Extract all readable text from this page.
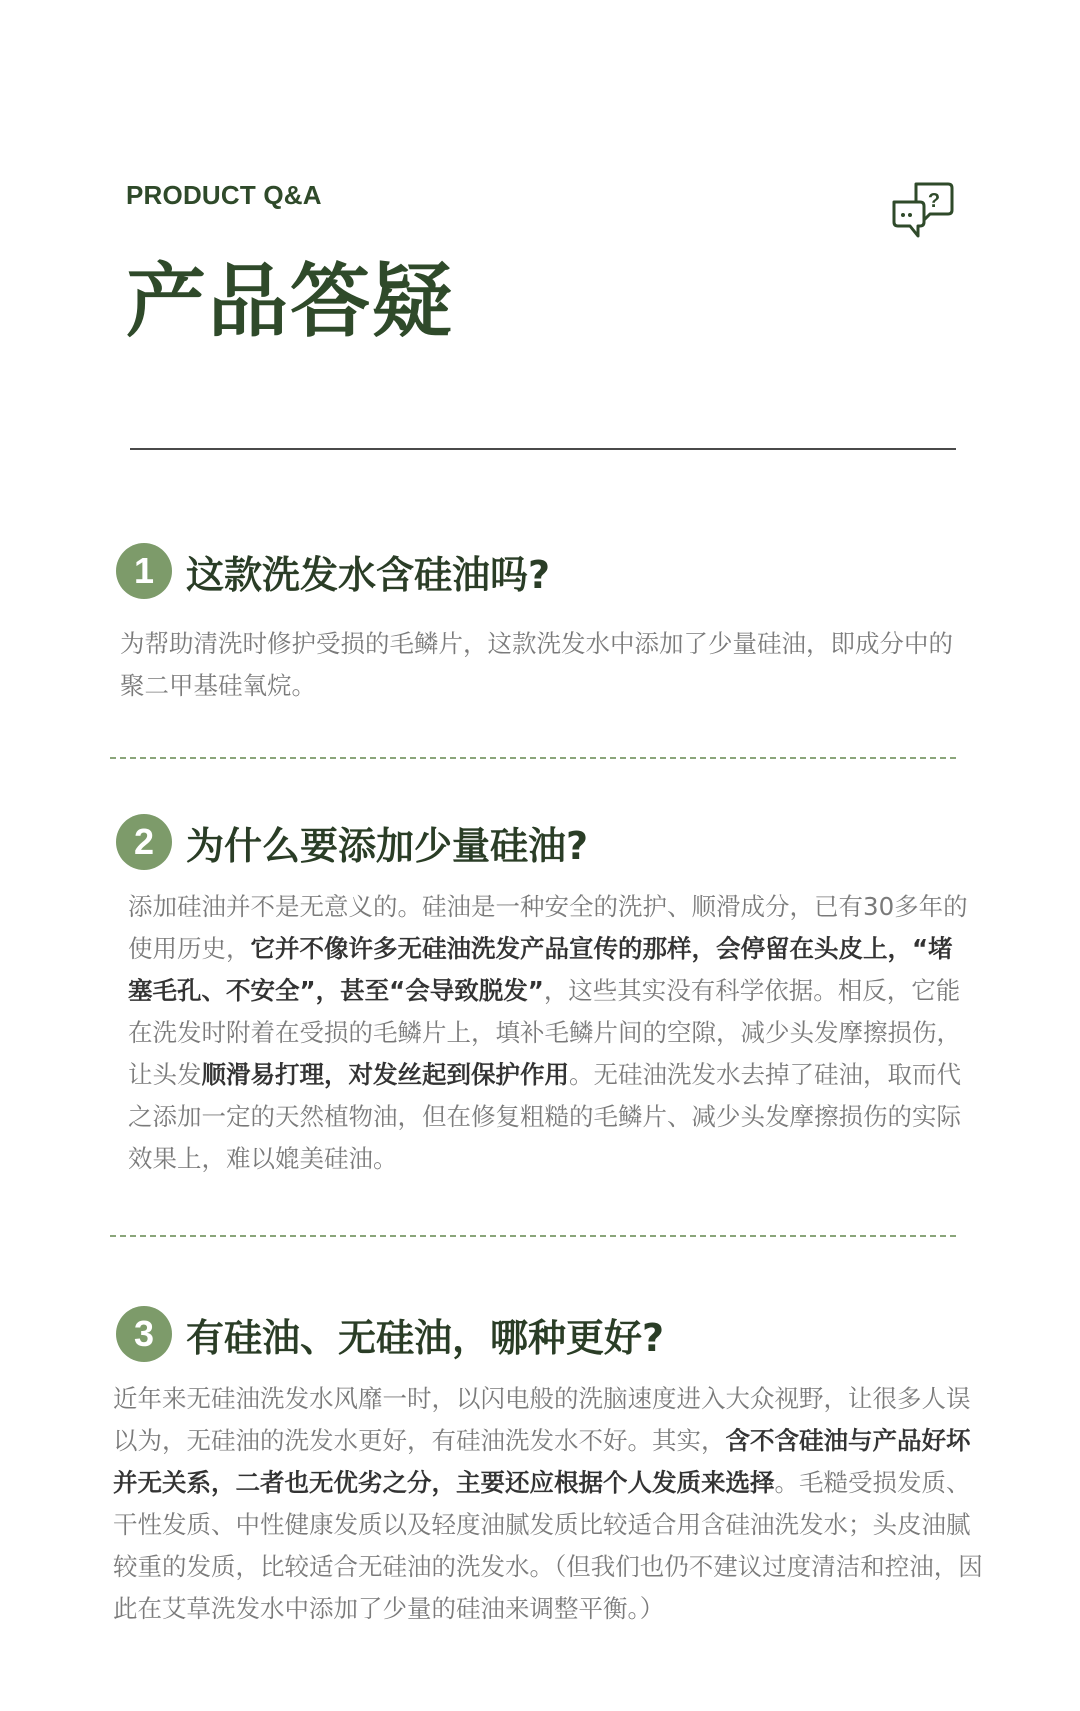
PRODUCT Q&A	?
产品答疑
1 这款洗发水含硅油吗?
为帮助清洗时修护受损的毛鳞片，这款洗发水中添加了少量硅油，即成分中的聚二甲基硅氧烷。
2 为什么要添加少量硅油?
添加硅油并不是无意义的。硅油是一种安全的洗护、顺滑成分，已有30多年的使用历史，它并不像许多无硅油洗发产品宣传的那样，会停留在头皮上，“堵塞毛孔、不安全”，甚至“会导致脱发”，这些其实没有科学依据。相反，它能在洗发时附着在受损的毛鳞片上，填补毛鳞片间的空隙，减少头发摩擦损伤，让头发顺滑易打理，对发丝起到保护作用。无硅油洗发水去掉了硅油，取而代之添加一定的天然植物油，但在修复粗糙的毛鳞片、减少头发摩擦损伤的实际效果上，难以媲美硅油。
3 有硅油、无硅油，哪种更好?
近年来无硅油洗发水风靡一时，以闪电般的洗脑速度进入大众视野，让很多人误以为，无硅油的洗发水更好，有硅油洗发水不好。其实，含不含硅油与产品好坏并无关系，二者也无优劣之分，主要还应根据个人发质来选择。毛糙受损发质、干性发质、中性健康发质以及轻度油腻发质比较适合用含硅油洗发水；头皮油腻较重的发质，比较适合无硅油的洗发水。（但我们也仍不建议过度清洁和控油，因此在艾草洗发水中添加了少量的硅油来调整平衡。）
